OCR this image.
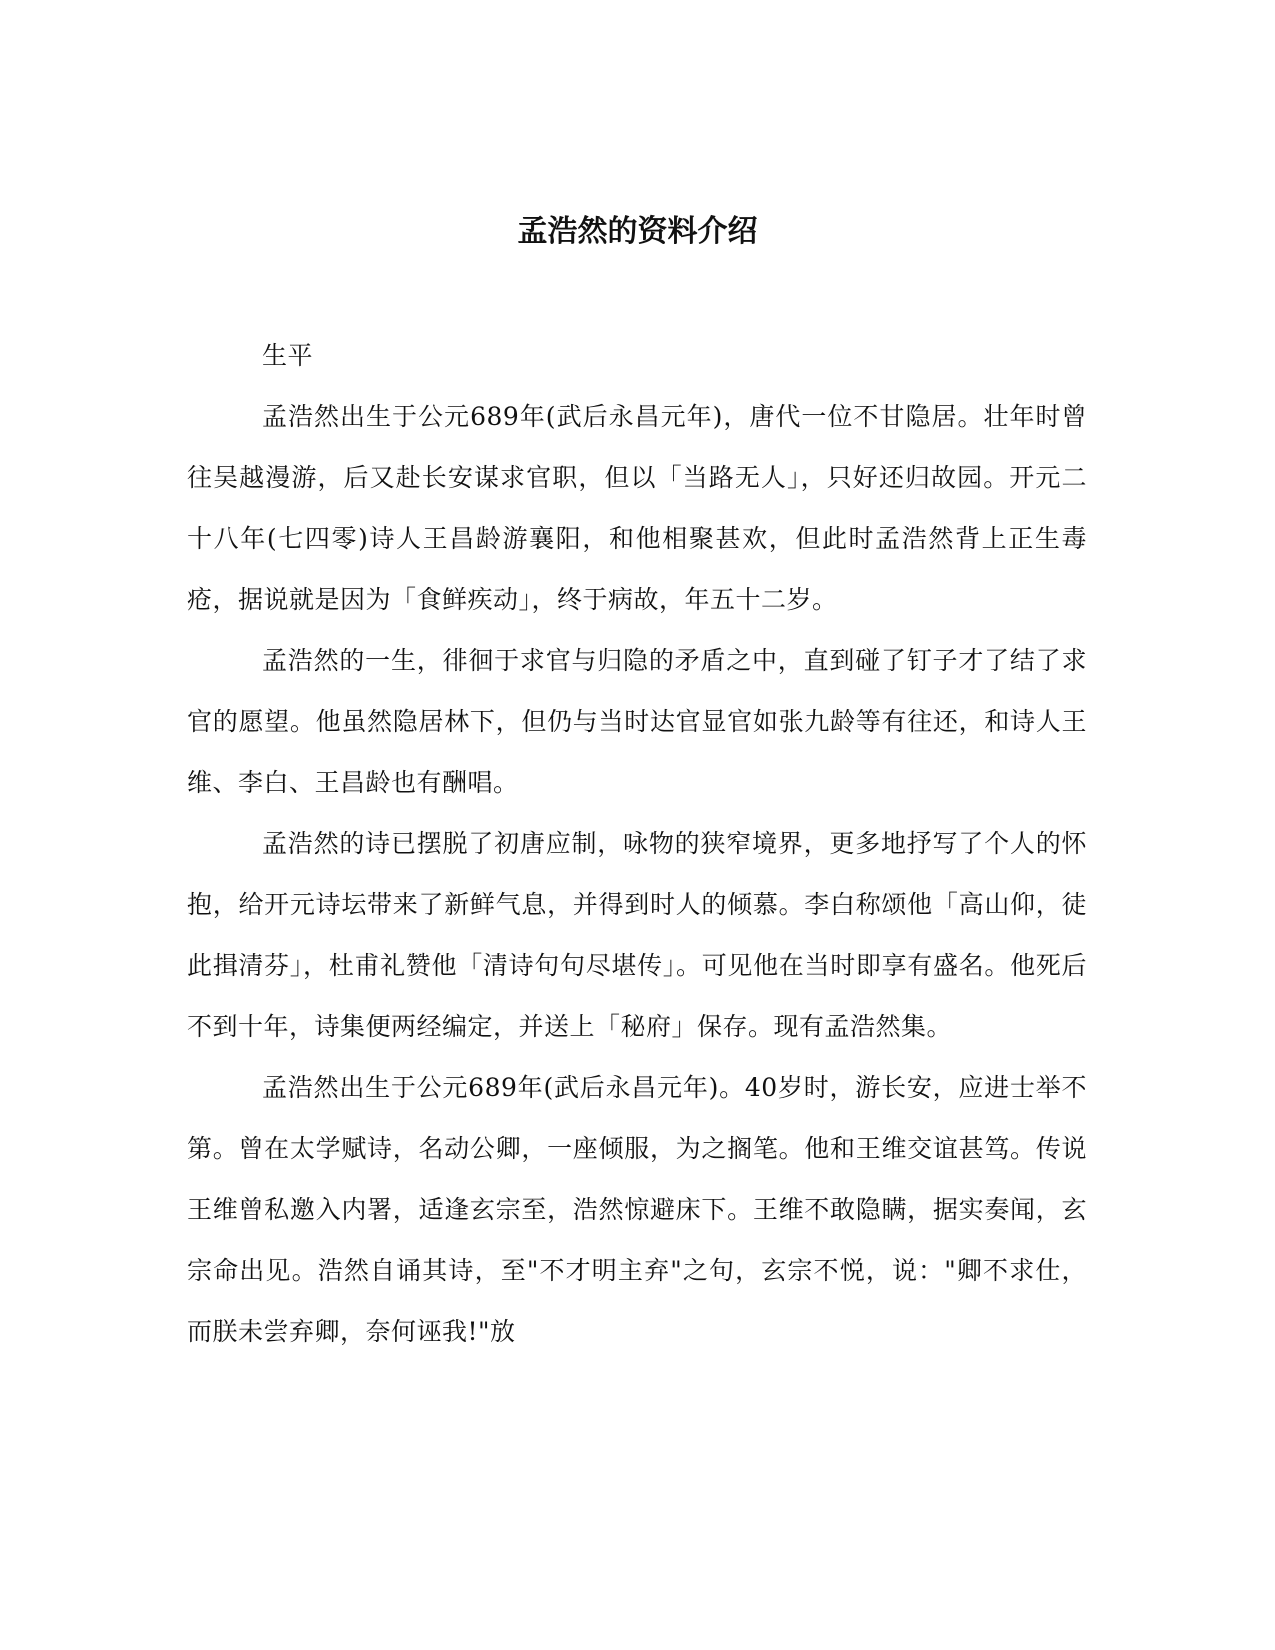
孟浩然的资料介绍

生平

孟浩然出生于公元689年(武后永昌元年)，唐代一位不甘隐居。壮年时曾往吴越漫游，后又赴长安谋求官职，但以「当路无人」，只好还归故园。开元二十八年(七四零)诗人王昌龄游襄阳，和他相聚甚欢，但此时孟浩然背上正生毒疮，据说就是因为「食鲜疾动」，终于病故，年五十二岁。

孟浩然的一生，徘徊于求官与归隐的矛盾之中，直到碰了钉子才了结了求官的愿望。他虽然隐居林下，但仍与当时达官显官如张九龄等有往还，和诗人王维、李白、王昌龄也有酬唱。

孟浩然的诗已摆脱了初唐应制，咏物的狭窄境界，更多地抒写了个人的怀抱，给开元诗坛带来了新鲜气息，并得到时人的倾慕。李白称颂他「高山仰，徒此揖清芬」，杜甫礼赞他「清诗句句尽堪传」。可见他在当时即享有盛名。他死后不到十年，诗集便两经编定，并送上「秘府」保存。现有孟浩然集。

孟浩然出生于公元689年(武后永昌元年)。40岁时，游长安，应进士举不第。曾在太学赋诗，名动公卿，一座倾服，为之搁笔。他和王维交谊甚笃。传说王维曾私邀入内署，适逢玄宗至，浩然惊避床下。王维不敢隐瞒，据实奏闻，玄宗命出见。浩然自诵其诗，至"不才明主弃"之句，玄宗不悦，说："卿不求仕，而朕未尝弃卿，奈何诬我!"放
